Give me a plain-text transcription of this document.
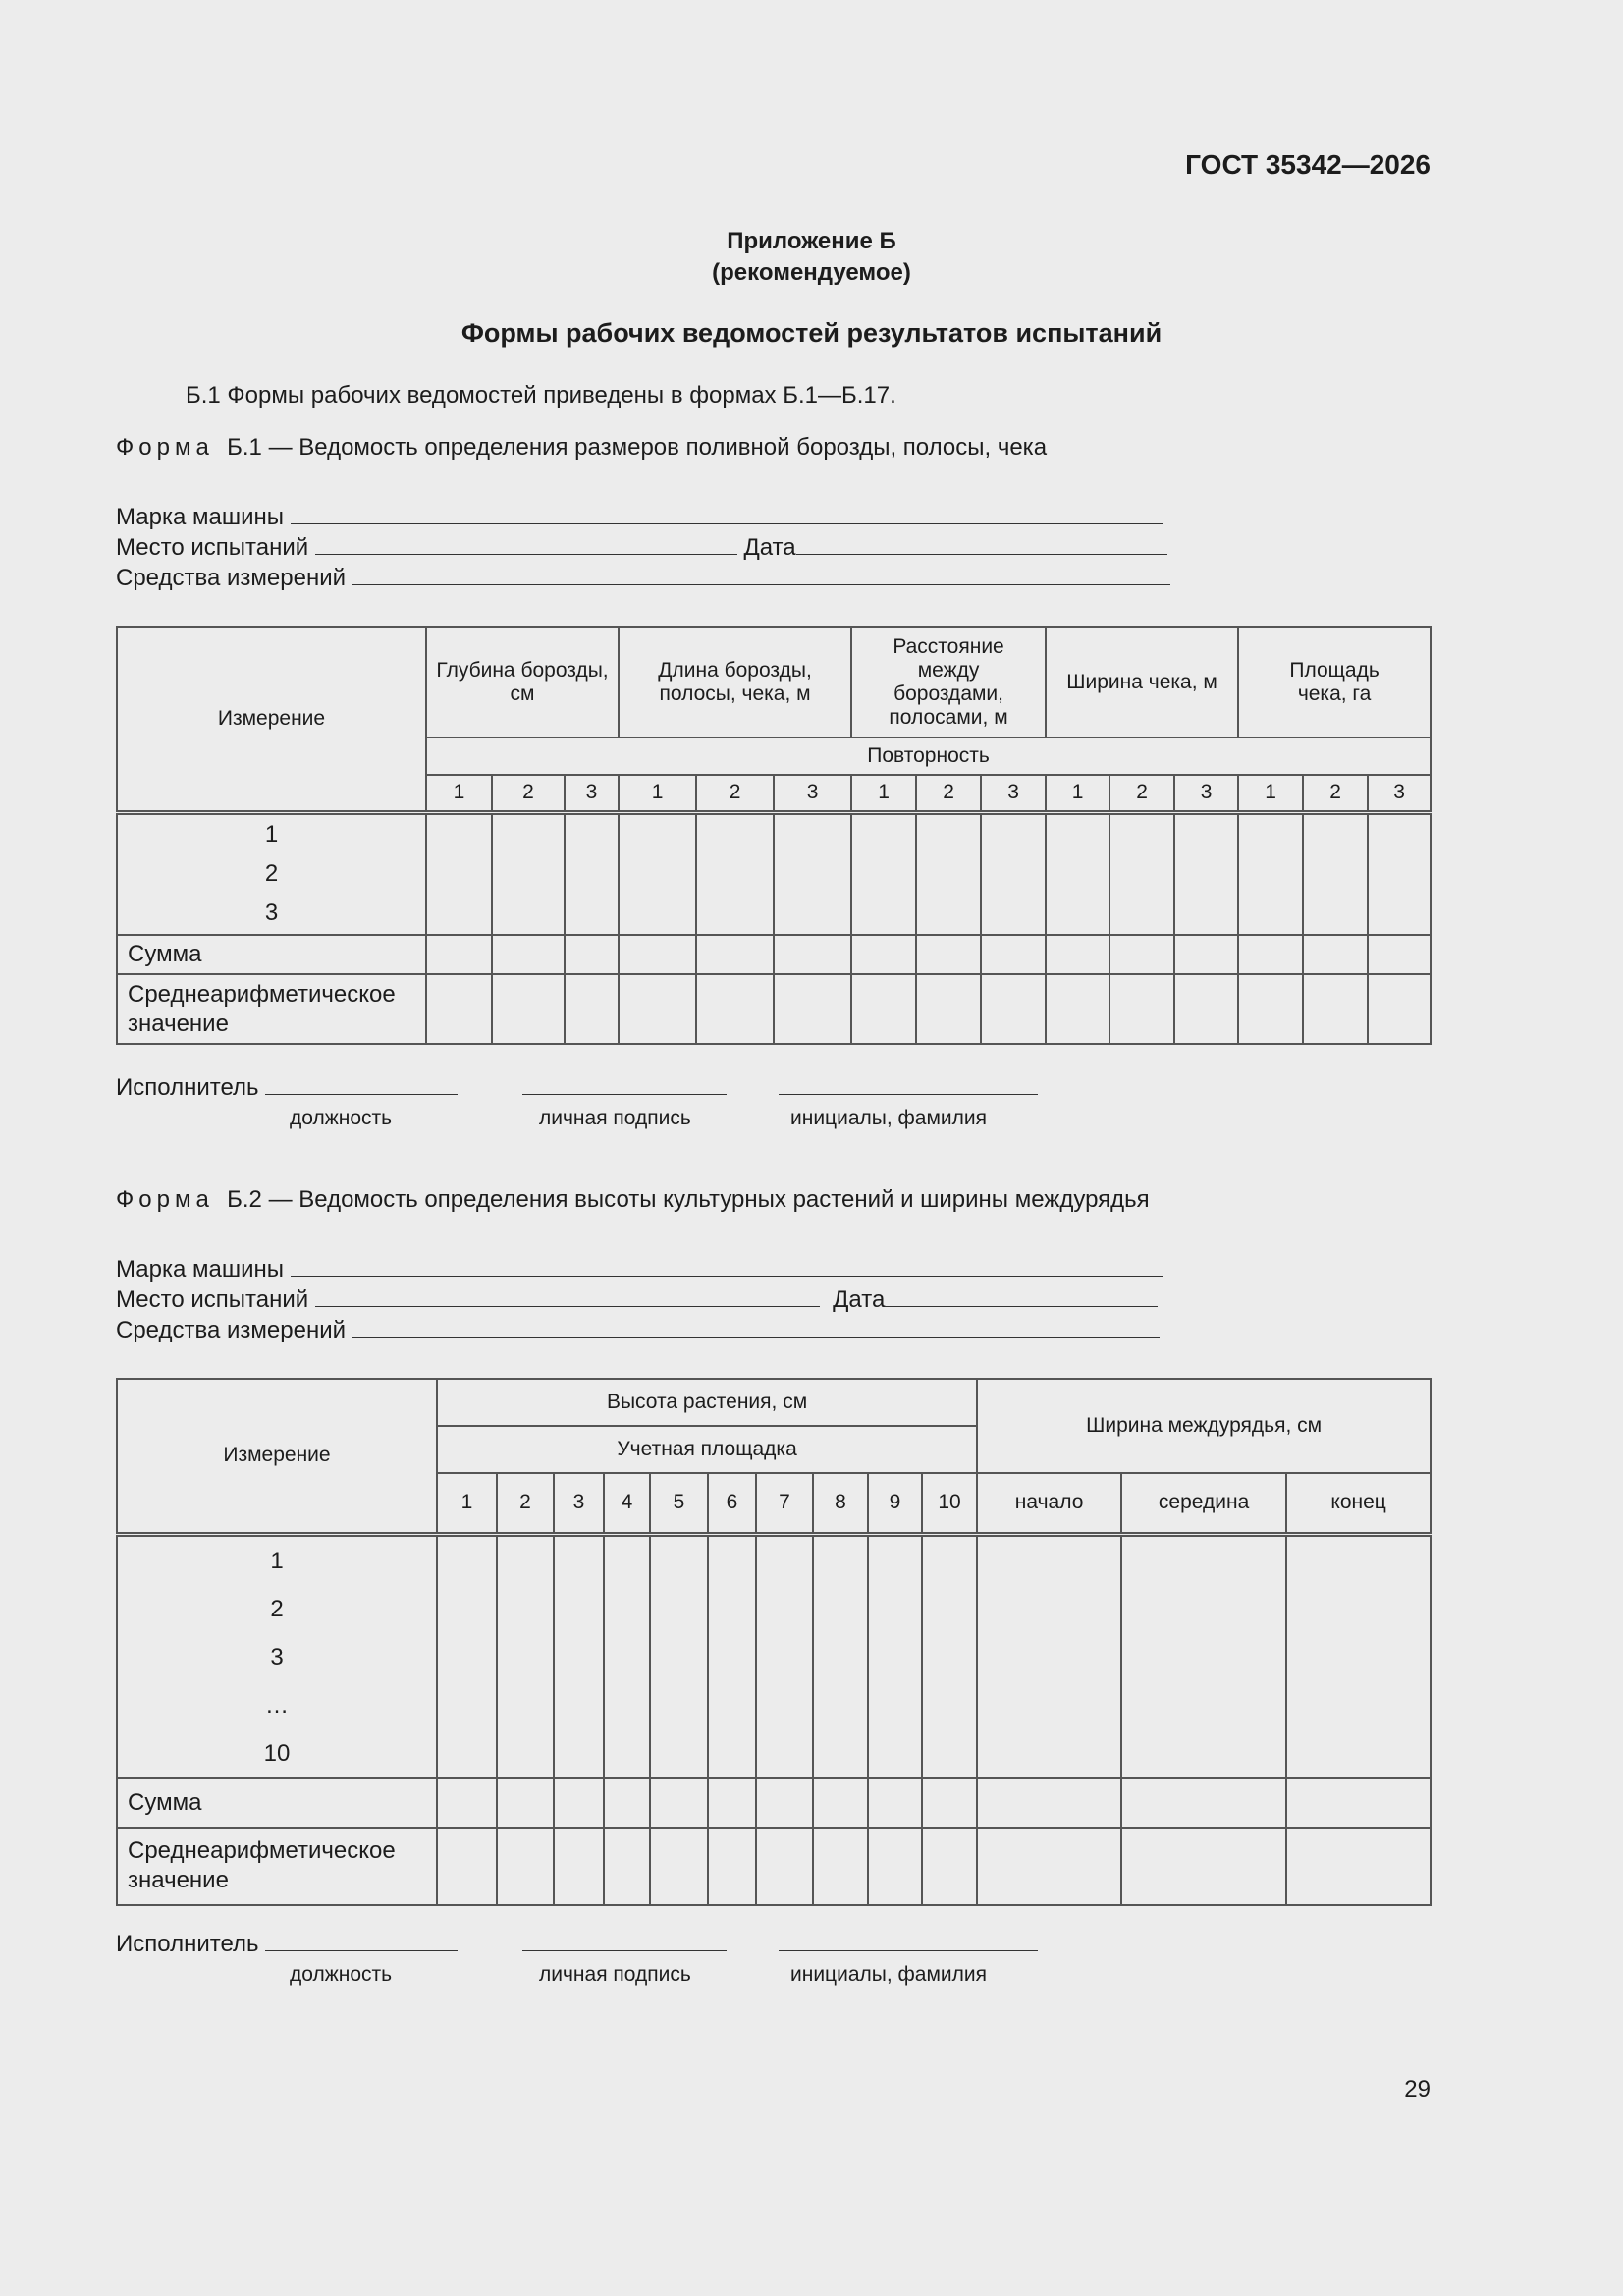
ГОСТ 35342—2026
Приложение Б
(рекомендуемое)
Формы рабочих ведомостей результатов испытаний
Б.1 Формы рабочих ведомостей приведены в формах Б.1—Б.17.
Форма Б.1 — Ведомость определения размеров поливной борозды, полосы, чека
Марка машины
Место испытаний	Дата
Средства измерений
Измерение	Глубина борозды, см			Длина борозды, полосы, чека, м			Расстояние между бороздами, полосами, м			Ширина чека, м			Площадь чека, га		
	Повторность														
	1	2	3	1	2	3	1	2	3	1	2	3	1	2	3

1
2
3															

Сумма															
Среднеарифметическое значение															
Исполнитель
должность	личная подпись	инициалы, фамилия
Форма Б.2 — Ведомость определения высоты культурных растений и ширины междурядья
Марка машины
Место испытаний	Дата
Средства измерений
Измерение	Высота растения, см										Ширина междурядья, см		
	Учетная площадка												
	1	2	3	4	5	6	7	8	9	10	начало	середина	конец

1
2
3
…
10													

Сумма													
Среднеарифметическое значение													
Исполнитель
должность	личная подпись	инициалы, фамилия
29
